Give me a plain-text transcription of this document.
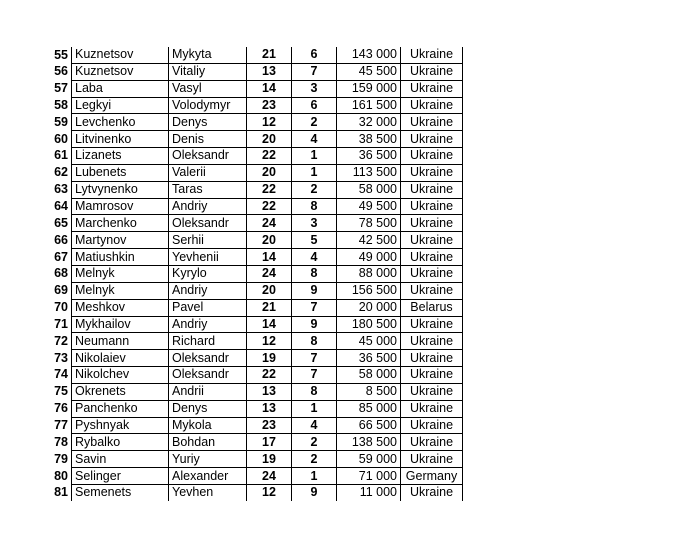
55	Kuznetsov	Mykyta	21	6	143 000	Ukraine
56	Kuznetsov	Vitaliy	13	7	45 500	Ukraine
57	Laba	Vasyl	14	3	159 000	Ukraine
58	Legkyi	Volodymyr	23	6	161 500	Ukraine
59	Levchenko	Denys	12	2	32 000	Ukraine
60	Litvinenko	Denis	20	4	38 500	Ukraine
61	Lizanets	Oleksandr	22	1	36 500	Ukraine
62	Lubenets	Valerii	20	1	113 500	Ukraine
63	Lytvynenko	Taras	22	2	58 000	Ukraine
64	Mamrosov	Andriy	22	8	49 500	Ukraine
65	Marchenko	Oleksandr	24	3	78 500	Ukraine
66	Martynov	Serhii	20	5	42 500	Ukraine
67	Matiushkin	Yevhenii	14	4	49 000	Ukraine
68	Melnyk	Kyrylo	24	8	88 000	Ukraine
69	Melnyk	Andriy	20	9	156 500	Ukraine
70	Meshkov	Pavel	21	7	20 000	Belarus
71	Mykhailov	Andriy	14	9	180 500	Ukraine
72	Neumann	Richard	12	8	45 000	Ukraine
73	Nikolaiev	Oleksandr	19	7	36 500	Ukraine
74	Nikolchev	Oleksandr	22	7	58 000	Ukraine
75	Okrenets	Andrii	13	8	8 500	Ukraine
76	Panchenko	Denys	13	1	85 000	Ukraine
77	Pyshnyak	Mykola	23	4	66 500	Ukraine
78	Rybalko	Bohdan	17	2	138 500	Ukraine
79	Savin	Yuriy	19	2	59 000	Ukraine
80	Selinger	Alexander	24	1	71 000	Germany
81	Semenets	Yevhen	12	9	11 000	Ukraine
